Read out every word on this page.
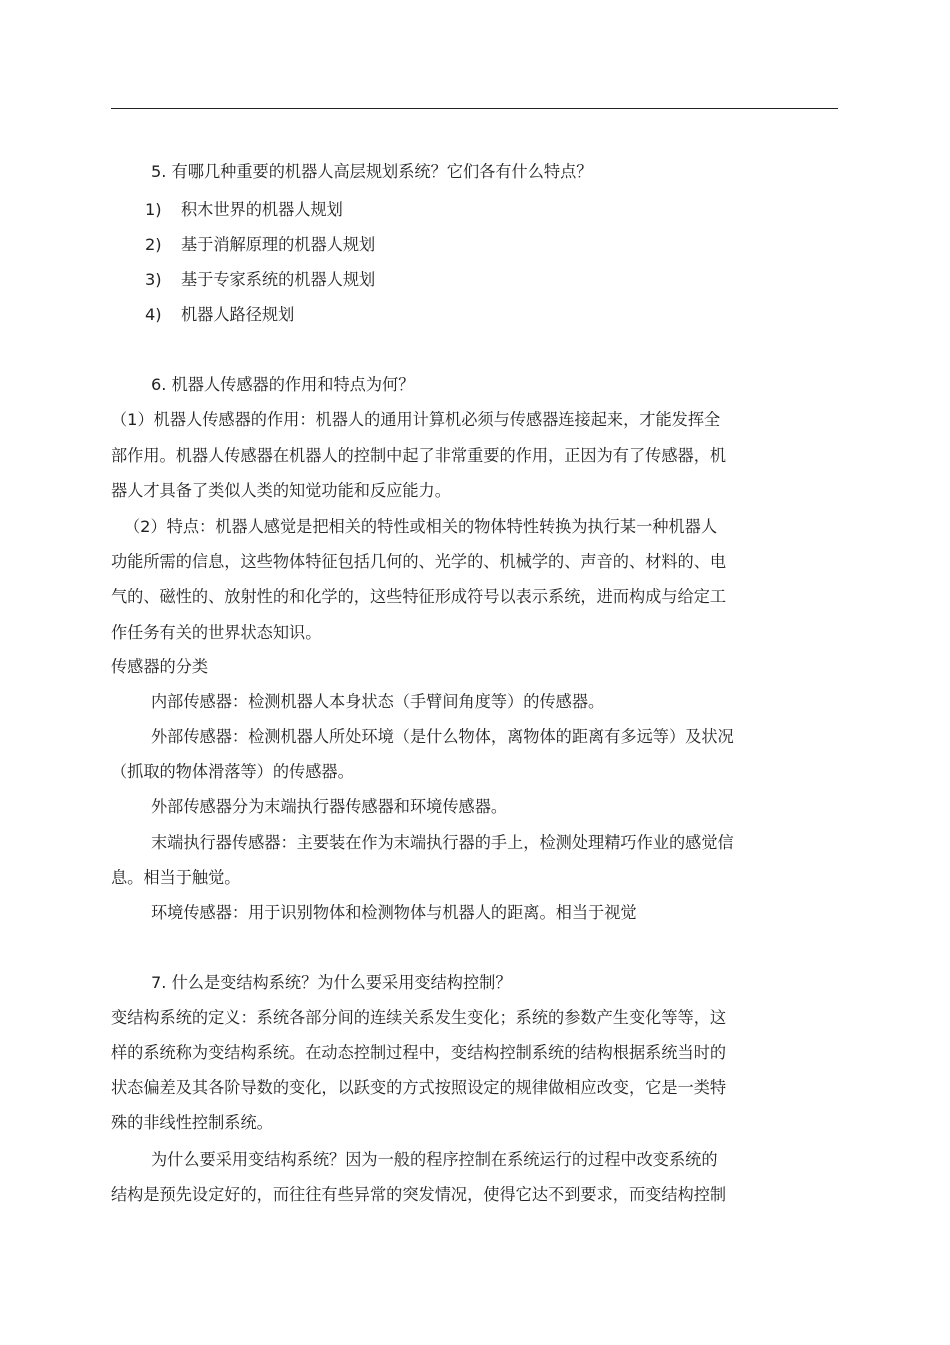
5. 有哪几种重要的机器人高层规划系统？它们各有什么特点？
1) 积木世界的机器人规划
2) 基于消解原理的机器人规划
3) 基于专家系统的机器人规划
4) 机器人路径规划
6. 机器人传感器的作用和特点为何？
（1）机器人传感器的作用：机器人的通用计算机必须与传感器连接起来，才能发挥全
部作用。机器人传感器在机器人的控制中起了非常重要的作用，正因为有了传感器，机
器人才具备了类似人类的知觉功能和反应能力。
（2）特点：机器人感觉是把相关的特性或相关的物体特性转换为执行某一种机器人
功能所需的信息，这些物体特征包括几何的、光学的、机械学的、声音的、材料的、电
气的、磁性的、放射性的和化学的，这些特征形成符号以表示系统，进而构成与给定工
作任务有关的世界状态知识。
传感器的分类
内部传感器：检测机器人本身状态（手臂间角度等）的传感器。
外部传感器：检测机器人所处环境（是什么物体，离物体的距离有多远等）及状况
（抓取的物体滑落等）的传感器。
外部传感器分为末端执行器传感器和环境传感器。
末端执行器传感器：主要装在作为末端执行器的手上，检测处理精巧作业的感觉信
息。相当于触觉。
环境传感器：用于识别物体和检测物体与机器人的距离。相当于视觉
7. 什么是变结构系统？为什么要采用变结构控制？
变结构系统的定义：系统各部分间的连续关系发生变化；系统的参数产生变化等等，这
样的系统称为变结构系统。在动态控制过程中，变结构控制系统的结构根据系统当时的
状态偏差及其各阶导数的变化，以跃变的方式按照设定的规律做相应改变，它是一类特
殊的非线性控制系统。
为什么要采用变结构系统？因为一般的程序控制在系统运行的过程中改变系统的
结构是预先设定好的，而往往有些异常的突发情况，使得它达不到要求，而变结构控制
